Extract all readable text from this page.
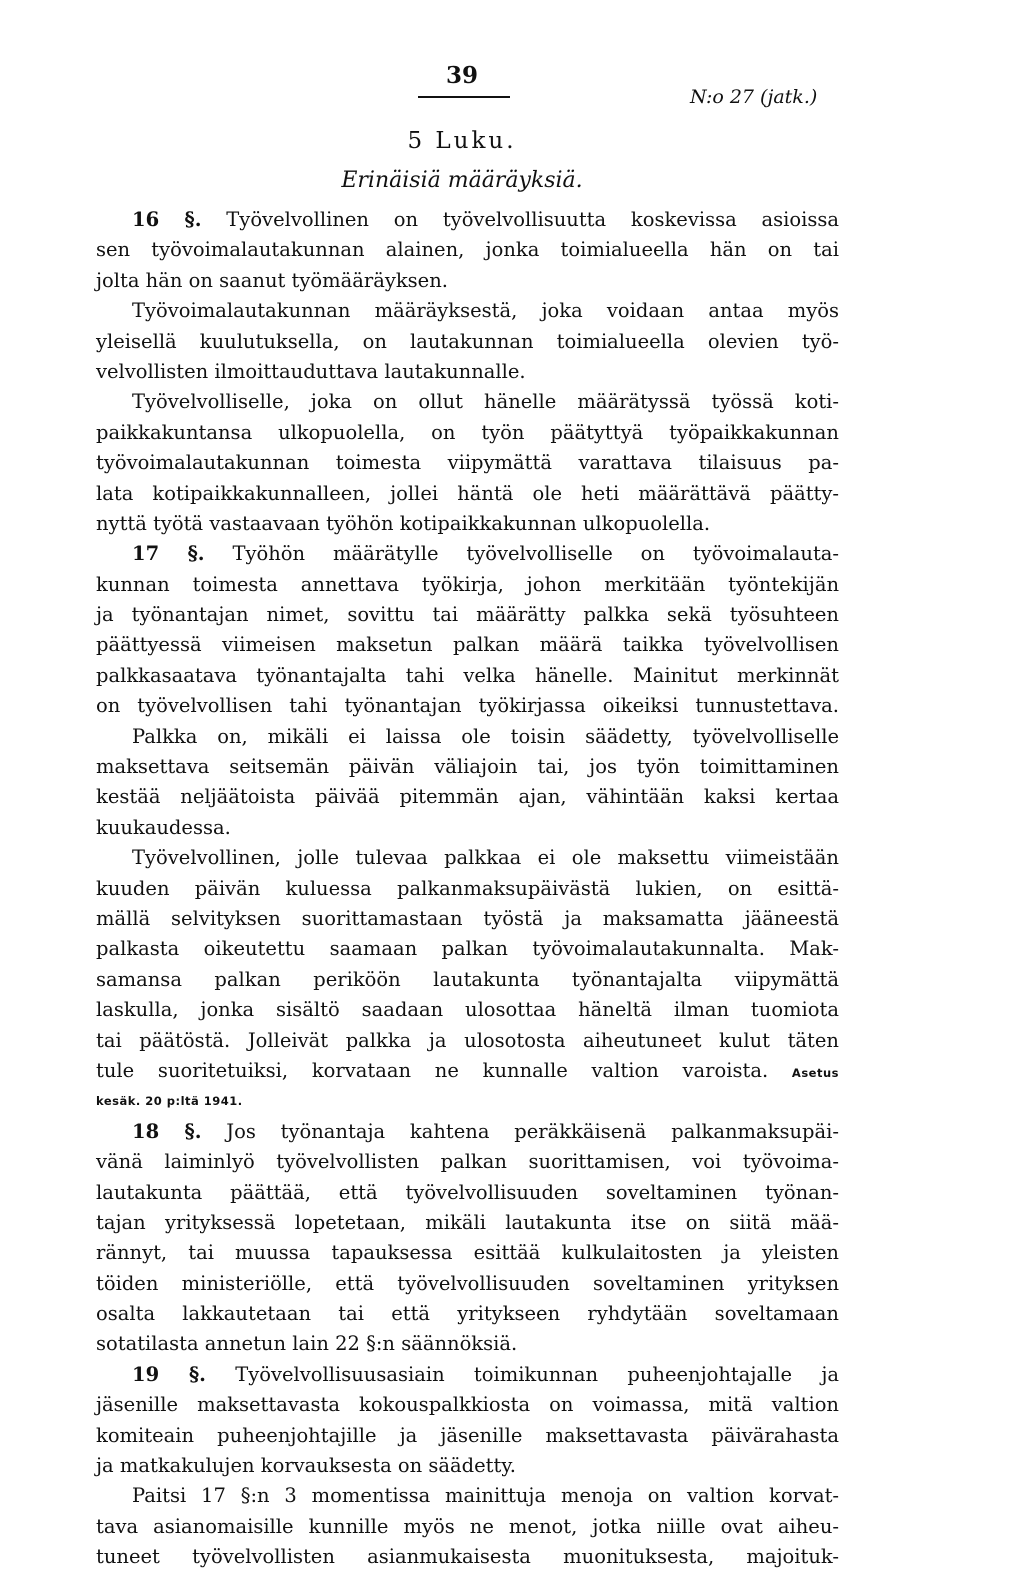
39
N:o 27 (jatk.)
5 Luku.
Erinäisiä määräyksiä.
16 §. Työvelvollinen on työvelvollisuutta koskevissa asioissa
sen työvoimalautakunnan alainen, jonka toimialueella hän on tai
jolta hän on saanut työmääräyksen.
Työvoimalautakunnan määräyksestä, joka voidaan antaa myös
yleisellä kuulutuksella, on lautakunnan toimialueella olevien työ-
velvollisten ilmoittauduttava lautakunnalle.
Työvelvolliselle, joka on ollut hänelle määrätyssä työssä koti-
paikkakuntansa ulkopuolella, on työn päätyttyä työpaikkakunnan
työvoimalautakunnan toimesta viipymättä varattava tilaisuus pa-
lata kotipaikkakunnalleen, jollei häntä ole heti määrättävä päätty-
nyttä työtä vastaavaan työhön kotipaikkakunnan ulkopuolella.
17 §. Työhön määrätylle työvelvolliselle on työvoimalauta-
kunnan toimesta annettava työkirja, johon merkitään työntekijän
ja työnantajan nimet, sovittu tai määrätty palkka sekä työsuhteen
päättyessä viimeisen maksetun palkan määrä taikka työvelvollisen
palkkasaatava työnantajalta tahi velka hänelle. Mainitut merkinnät
on työvelvollisen tahi työnantajan työkirjassa oikeiksi tunnustettava.
Palkka on, mikäli ei laissa ole toisin säädetty, työvelvolliselle
maksettava seitsemän päivän väliajoin tai, jos työn toimittaminen
kestää neljäätoista päivää pitemmän ajan, vähintään kaksi kertaa
kuukaudessa.
Työvelvollinen, jolle tulevaa palkkaa ei ole maksettu viimeistään
kuuden päivän kuluessa palkanmaksupäivästä lukien, on esittä-
mällä selvityksen suorittamastaan työstä ja maksamatta jääneestä
palkasta oikeutettu saamaan palkan työvoimalautakunnalta. Mak-
samansa palkan periköön lautakunta työnantajalta viipymättä
laskulla, jonka sisältö saadaan ulosottaa häneltä ilman tuomiota
tai päätöstä. Jolleivät palkka ja ulosotosta aiheutuneet kulut täten
tule suoritetuiksi, korvataan ne kunnalle valtion varoista. Asetus
kesäk. 20 p:ltä 1941.
18 §. Jos työnantaja kahtena peräkkäisenä palkanmaksupäi-
vänä laiminlyö työvelvollisten palkan suorittamisen, voi työvoima-
lautakunta päättää, että työvelvollisuuden soveltaminen työnan-
tajan yrityksessä lopetetaan, mikäli lautakunta itse on siitä mää-
rännyt, tai muussa tapauksessa esittää kulkulaitosten ja yleisten
töiden ministeriölle, että työvelvollisuuden soveltaminen yrityksen
osalta lakkautetaan tai että yritykseen ryhdytään soveltamaan
sotatilasta annetun lain 22 §:n säännöksiä.
19 §. Työvelvollisuusasiain toimikunnan puheenjohtajalle ja
jäsenille maksettavasta kokouspalkkiosta on voimassa, mitä valtion
komiteain puheenjohtajille ja jäsenille maksettavasta päivärahasta
ja matkakulujen korvauksesta on säädetty.
Paitsi 17 §:n 3 momentissa mainittuja menoja on valtion korvat-
tava asianomaisille kunnille myös ne menot, jotka niille ovat aiheu-
tuneet työvelvollisten asianmukaisesta muonituksesta, majoituk-
